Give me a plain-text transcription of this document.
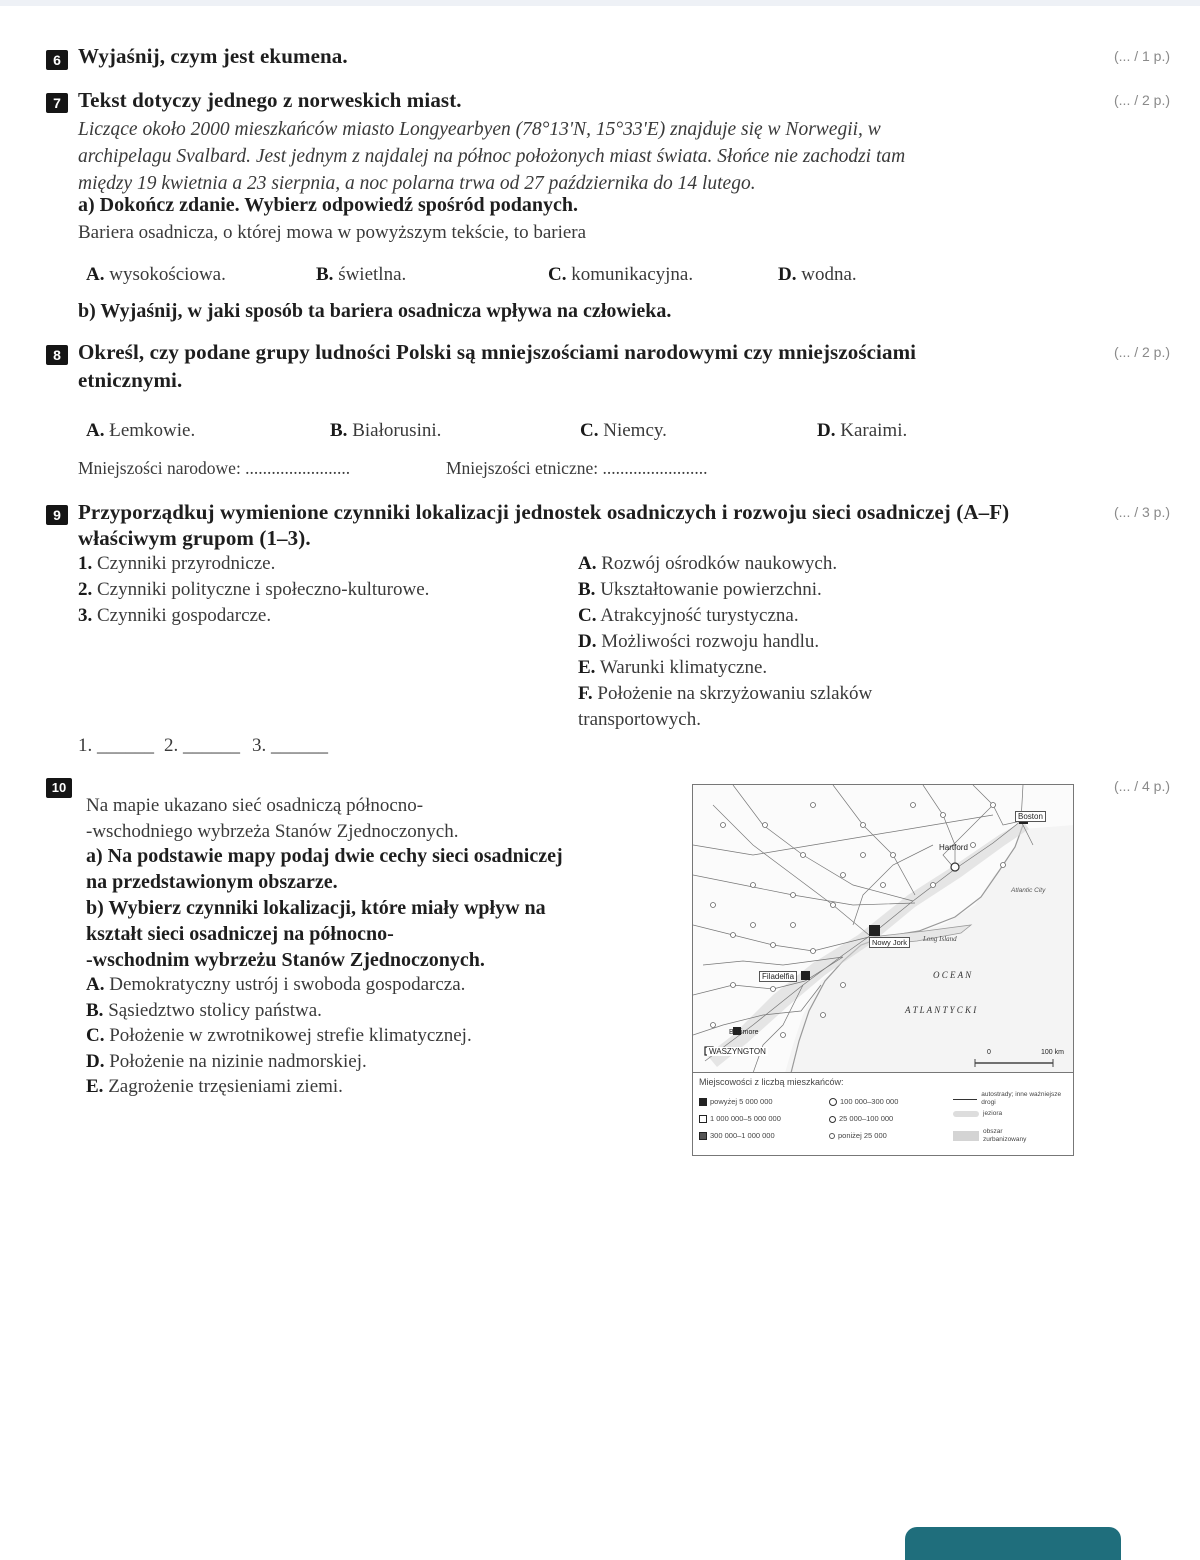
6 Wyjaśnij, czym jest ekumena.	(... / 1 p.)
7 Tekst dotyczy jednego z norweskich miast.	(... / 2 p.)
Liczące około 2000 mieszkańców miasto Longyearbyen (78°13'N, 15°33'E) znajduje się w Norwegii, w
archipelagu Svalbard. Jest jednym z najdalej na północ położonych miast świata. Słońce nie zachodzi tam
między 19 kwietnia a 23 sierpnia, a noc polarna trwa od 27 października do 14 lutego.
a) Dokończ zdanie. Wybierz odpowiedź spośród podanych.
Bariera osadnicza, o której mowa w powyższym tekście, to bariera
A. wysokościowa.	B. świetlna.	C. komunikacyjna.	D. wodna.
b) Wyjaśnij, w jaki sposób ta bariera osadnicza wpływa na człowieka.
8 Określ, czy podane grupy ludności Polski są mniejszościami narodowymi czy mniejszościami
etnicznymi.
(... / 2 p.)
A. Łemkowie.	B. Białorusini.	C. Niemcy.	D. Karaimi.
Mniejszości narodowe: ........................	Mniejszości etniczne: ........................
9 Przyporządkuj wymienione czynniki lokalizacji jednostek osadniczych i rozwoju sieci osadniczej (A–F)
właściwym grupom (1–3).
(... / 3 p.)
1. Czynniki przyrodnicze.
2. Czynniki polityczne i społeczno-kulturowe.
3. Czynniki gospodarcze.
A. Rozwój ośrodków naukowych.
B. Ukształtowanie powierzchni.
C. Atrakcyjność turystyczna.
D. Możliwości rozwoju handlu.
E. Warunki klimatyczne.
F. Położenie na skrzyżowaniu szlaków
transportowych.
1. ______ 2. ______ 3. ______
10	(... / 4 p.)
Na mapie ukazano sieć osadniczą północno-
-wschodniego wybrzeża Stanów Zjednoczonych.
a) Na podstawie mapy podaj dwie cechy sieci osadniczej
na przedstawionym obszarze.
b) Wybierz czynniki lokalizacji, które miały wpływ na
kształt sieci osadniczej na północno-
-wschodnim wybrzeżu Stanów Zjednoczonych.
A. Demokratyczny ustrój i swoboda gospodarcza.
B. Sąsiedztwo stolicy państwa.
C. Położenie w zwrotnikowej strefie klimatycznej.
D. Położenie na nizinie nadmorskiej.
E. Zagrożenie trzęsieniami ziemi.
Boston
Hartford
Atlantic City
Nowy Jork	Long Island
Filadelfia	O C E A N
A T L A N T Y C K I
Baltimore
WASZYNGTON	0	100 km
Miejscowości z liczbą mieszkańców:
powyżej 5 000 000
1 000 000–5 000 000
300 000–1 000 000
100 000–300 000
25 000–100 000
poniżej 25 000
autostrady; inne ważniejsze drogi
jeziora
obszar zurbanizowany
